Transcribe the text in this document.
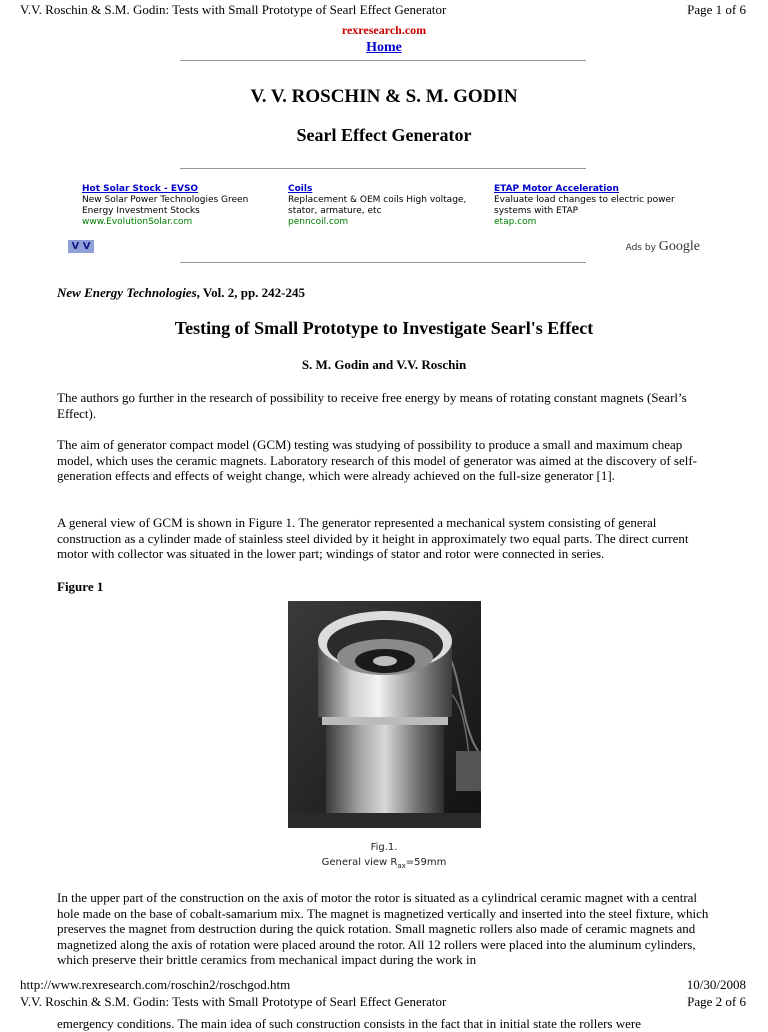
V.V. Roschin & S.M. Godin: Tests with Small Prototype of Searl Effect Generator	Page 1 of 6
rexresearch.com
Home
V. V. ROSCHIN & S. M. GODIN
Searl Effect Generator
Hot Solar Stock - EVSO
New Solar Power Technologies Green
Energy Investment Stocks
www.EvolutionSolar.com
Coils
Replacement & OEM coils High voltage,
stator, armature, etc
penncoil.com
ETAP Motor Acceleration
Evaluate load changes to electric power
systems with ETAP
etap.com
V V	Ads by Google
New Energy Technologies, Vol. 2, pp. 242-245
Testing of Small Prototype to Investigate Searl's Effect
S. M. Godin and V.V. Roschin
The authors go further in the research of possibility to receive free energy by means of rotating constant magnets (Searl’s Effect).
The aim of generator compact model (GCM) testing was studying of possibility to produce a small and maximum cheap model, which uses the ceramic magnets. Laboratory research of this model of generator was aimed at the discovery of self-generation effects and effects of weight change, which were already achieved on the full-size generator [1].
A general view of GCM is shown in Figure 1. The generator represented a mechanical system consisting of general construction as a cylinder made of stainless steel divided by it height in approximately two equal parts. The direct current motor with collector was situated in the lower part; windings of stator and rotor were connected in series.
Figure 1
Fig.1.
General view $R_{ax}=59mm$
In the upper part of the construction on the axis of motor the rotor is situated as a cylindrical ceramic magnet with a central hole made on the base of cobalt-samarium mix. The magnet is magnetized vertically and inserted into the steel fixture, which preserves the magnet from destruction during the quick rotation. Small magnetic rollers also made of ceramic magnets and magnetized along the axis of rotation were placed around the rotor. All 12 rollers were placed into the aluminum cylinders, which preserve their brittle ceramics from mechanical impact during the work in
http://www.rexresearch.com/roschin2/roschgod.htm	10/30/2008
V.V. Roschin & S.M. Godin: Tests with Small Prototype of Searl Effect Generator	Page 2 of 6
emergency conditions. The main idea of such construction consists in the fact that in initial state the rollers were
